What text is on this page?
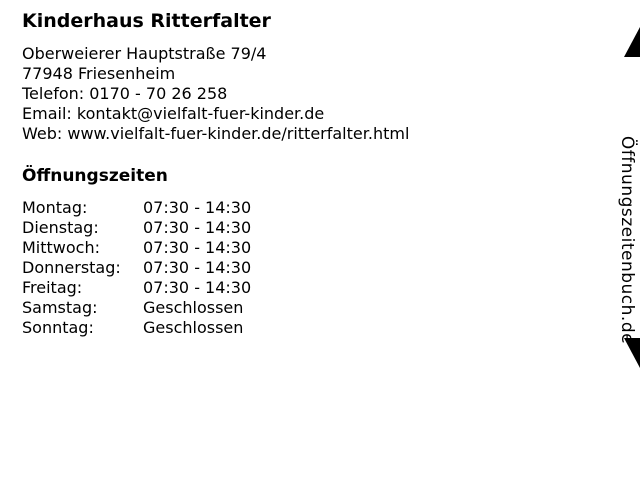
Kinderhaus Ritterfalter
Oberweierer Hauptstraße 79/4
77948 Friesenheim
Telefon: 0170 - 70 26 258
Email: kontakt@vielfalt-fuer-kinder.de
Web: www.vielfalt-fuer-kinder.de/ritterfalter.html
Öffnungszeiten
Montag:	07:30 - 14:30
Dienstag:	07:30 - 14:30
Mittwoch:	07:30 - 14:30
Donnerstag:	07:30 - 14:30
Freitag:	07:30 - 14:30
Samstag:	Geschlossen
Sonntag:	Geschlossen	Öffnungszeitenbuch.de
